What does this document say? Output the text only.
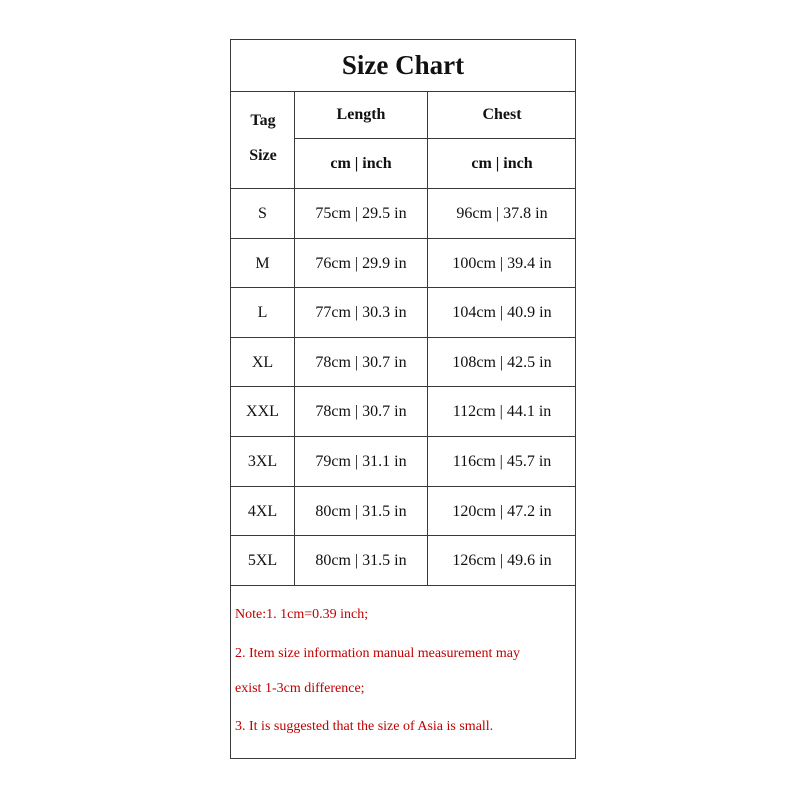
Size Chart
Tag
Size
Length	Chest
cm | inch	cm | inch
Note:1. 1cm=0.39 inch;
2. Item size information manual measurement may
exist 1-3cm difference;
3. It is suggested that the size of Asia is small.
S	75cm | 29.5 in	96cm | 37.8 in
M	76cm | 29.9 in	100cm | 39.4 in
L	77cm | 30.3 in	104cm | 40.9 in
XL	78cm | 30.7 in	108cm | 42.5 in
XXL	78cm | 30.7 in	112cm | 44.1 in
3XL	79cm | 31.1 in	116cm | 45.7 in
4XL	80cm | 31.5 in	120cm | 47.2 in
5XL	80cm | 31.5 in	126cm | 49.6 in
